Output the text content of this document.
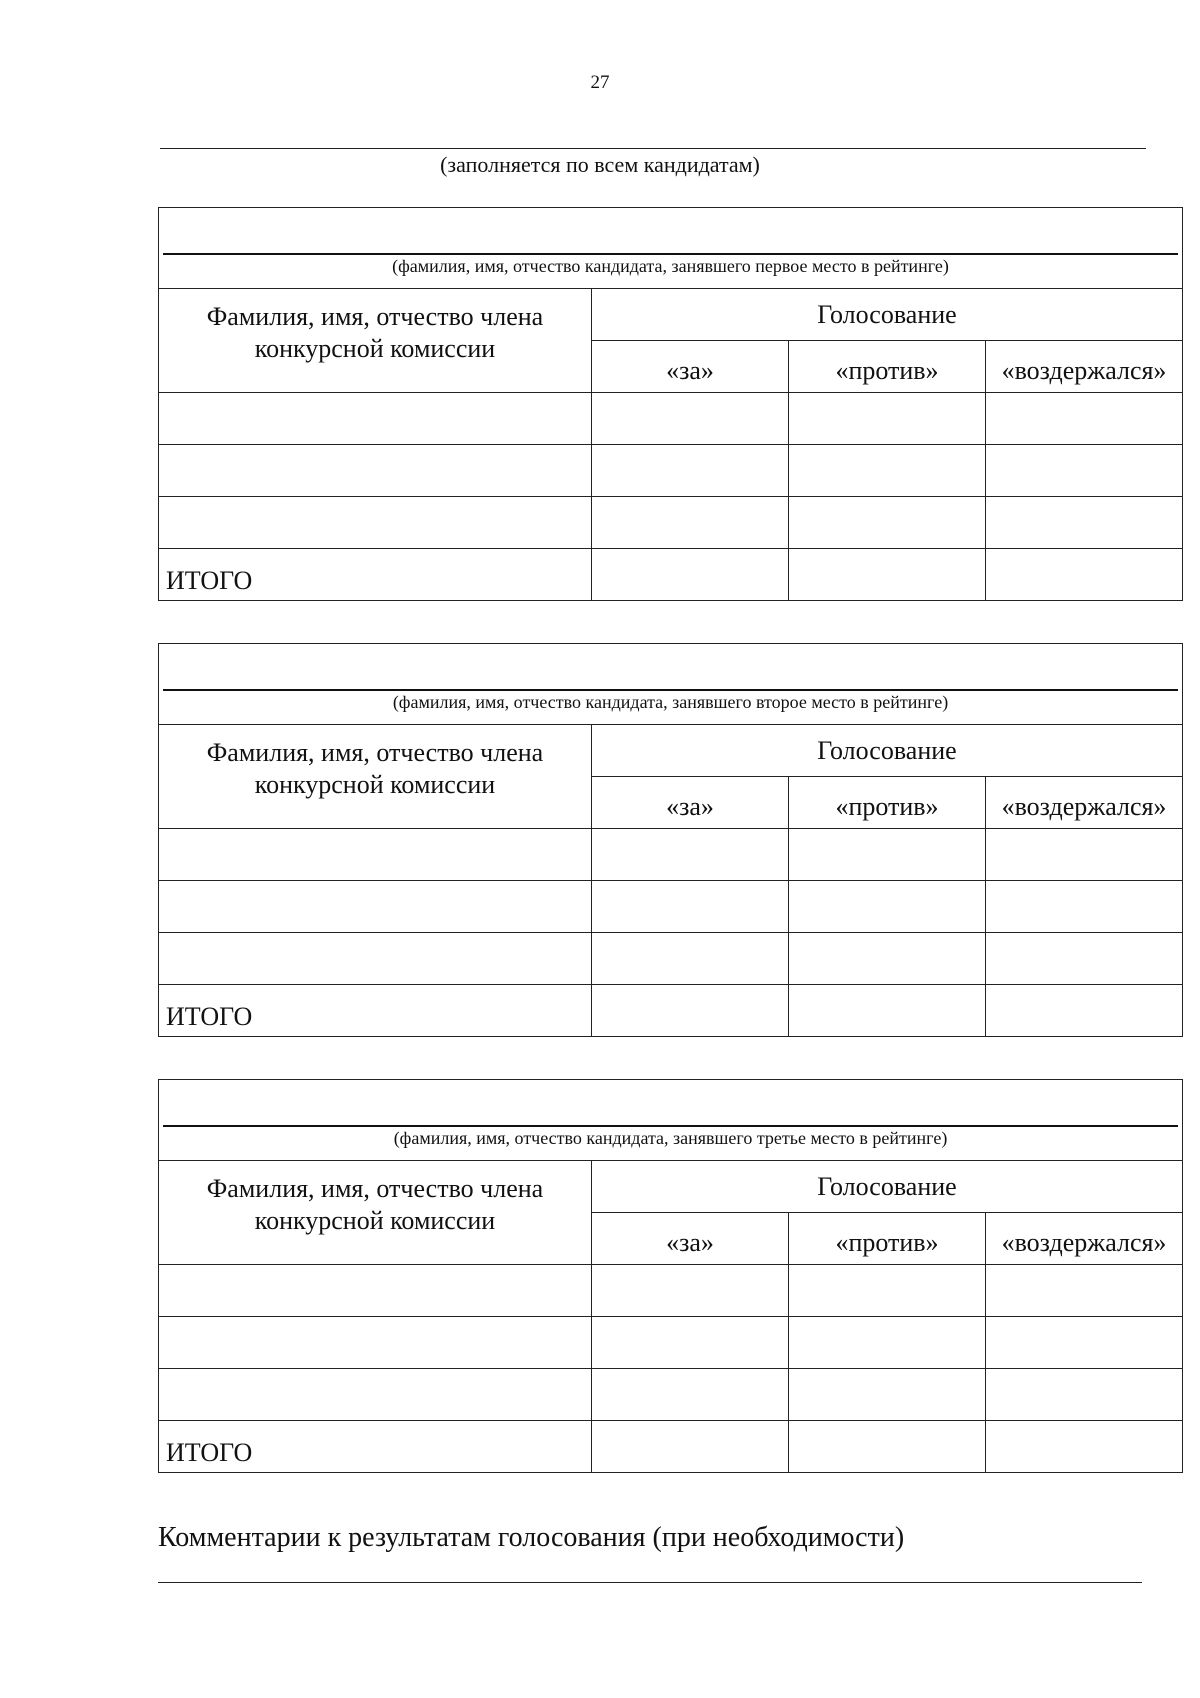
27
(заполняется по всем кандидатам)
(фамилия, имя, отчество кандидата, занявшего первое место в рейтинге)			

Фамилия, имя, отчество члена конкурсной комиссии	Голосование		
	«за»	«против»	«воздержался»

ИТОГО			
(фамилия, имя, отчество кандидата, занявшего второе место в рейтинге)			

Фамилия, имя, отчество члена конкурсной комиссии	Голосование		
	«за»	«против»	«воздержался»

ИТОГО			
(фамилия, имя, отчество кандидата, занявшего третье место в рейтинге)			

Фамилия, имя, отчество члена конкурсной комиссии	Голосование		
	«за»	«против»	«воздержался»

ИТОГО			
Комментарии к результатам голосования (при необходимости)
